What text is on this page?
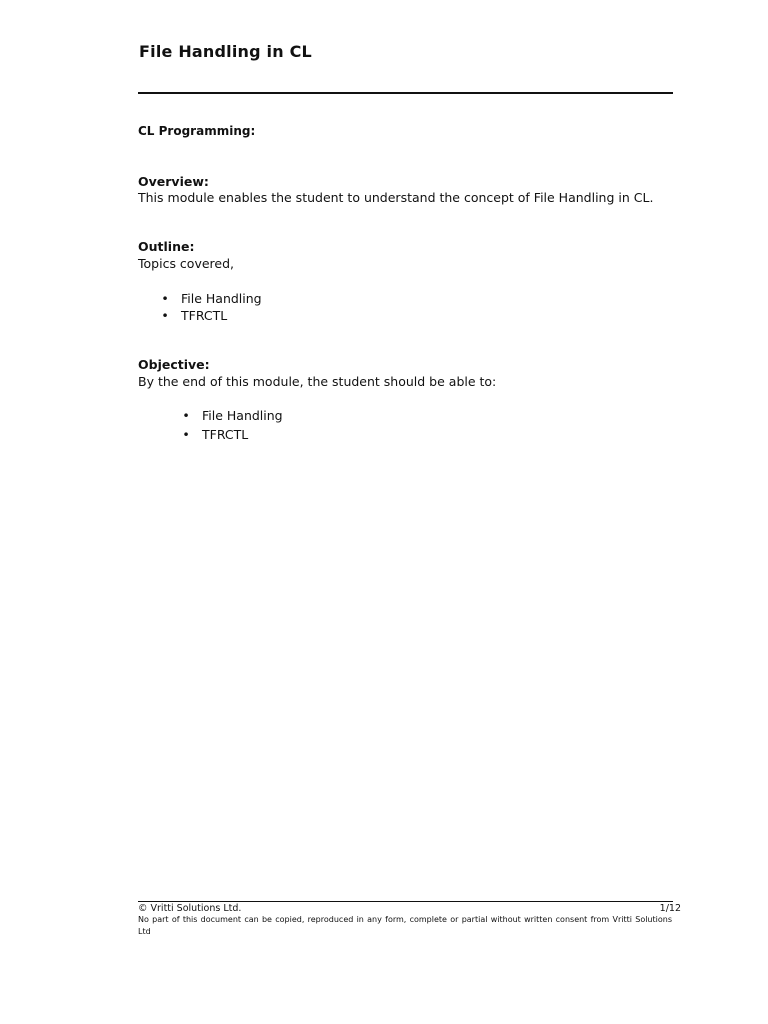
File Handling in CL
CL Programming:
Overview:
This module enables the student to understand the concept of File Handling in CL.
Outline:
Topics covered,
• File Handling
• TFRCTL
Objective:
By the end of this module, the student should be able to:
• File Handling
• TFRCTL
© Vritti Solutions Ltd.	1/12
No part of this document can be copied, reproduced in any form, complete or partial without written consent from Vritti Solutions Ltd
